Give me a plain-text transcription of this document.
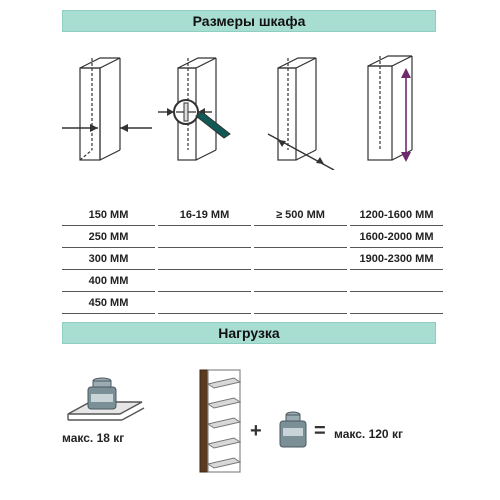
Размеры шкафа
150 MM		16-19 MM		≥ 500 MM		1200-1600 MM
250 MM						1600-2000 MM
300 MM						1900-2300 MM
400 MM						
450 MM						
Нагрузка
макс. 18 кг	+	= макс. 120 кг
